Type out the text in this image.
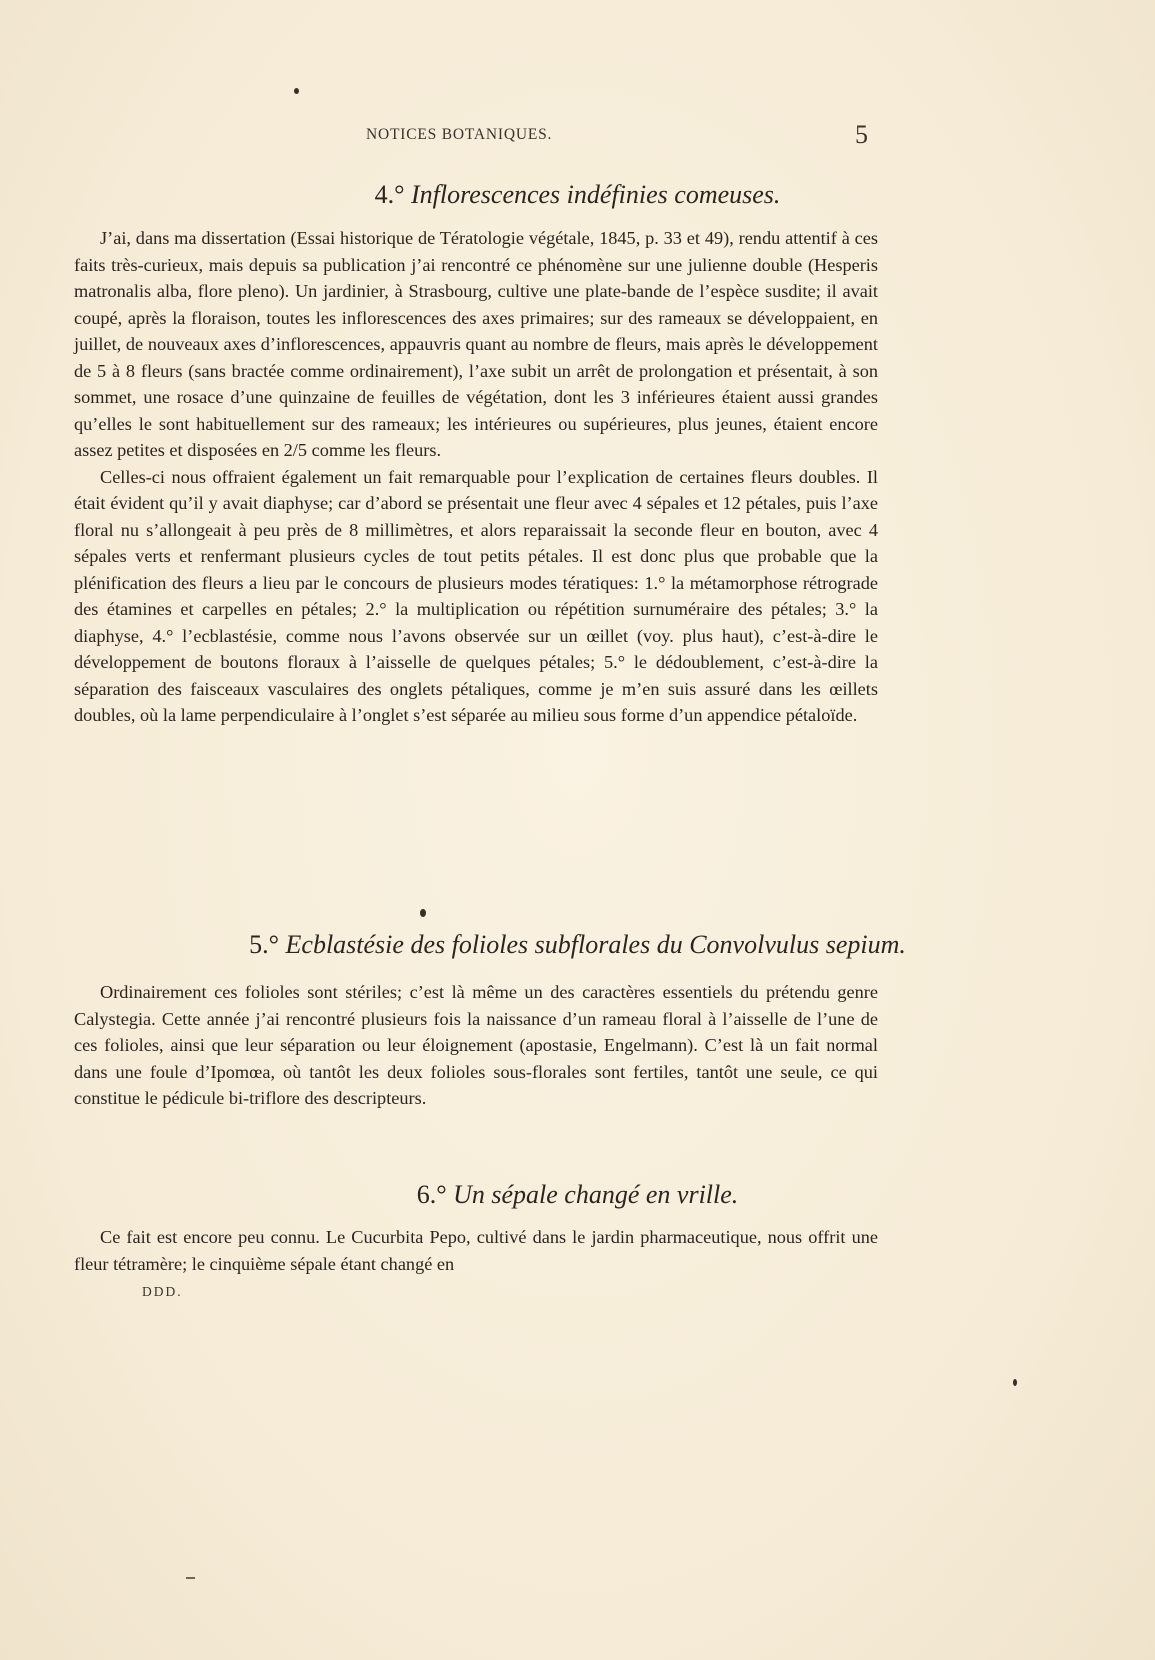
NOTICES BOTANIQUES.	5
4.° Inflorescences indéfinies comeuses.

J’ai, dans ma dissertation (Essai historique de Tératologie végétale, 1845, p. 33 et 49), rendu attentif à ces faits très-curieux, mais depuis sa publication j’ai rencontré ce phénomène sur une julienne double (Hesperis matronalis alba, flore pleno). Un jardinier, à Strasbourg, cultive une plate-bande de l’espèce susdite; il avait coupé, après la floraison, toutes les inflorescences des axes primaires; sur des rameaux se développaient, en juillet, de nouveaux axes d’inflorescences, appauvris quant au nombre de fleurs, mais après le développement de 5 à 8 fleurs (sans bractée comme ordinairement), l’axe subit un arrêt de prolongation et présentait, à son sommet, une rosace d’une quinzaine de feuilles de végétation, dont les 3 inférieures étaient aussi grandes qu’elles le sont habituellement sur des rameaux; les intérieures ou supérieures, plus jeunes, étaient encore assez petites et disposées en 2/5 comme les fleurs.

Celles-ci nous offraient également un fait remarquable pour l’explication de certaines fleurs doubles. Il était évident qu’il y avait diaphyse; car d’abord se présentait une fleur avec 4 sépales et 12 pétales, puis l’axe floral nu s’allongeait à peu près de 8 millimètres, et alors reparaissait la seconde fleur en bouton, avec 4 sépales verts et renfermant plusieurs cycles de tout petits pétales. Il est donc plus que probable que la plénification des fleurs a lieu par le concours de plusieurs modes tératiques: 1.° la métamorphose rétrograde des étamines et carpelles en pétales; 2.° la multiplication ou répétition surnuméraire des pétales; 3.° la diaphyse, 4.° l’ecblastésie, comme nous l’avons observée sur un œillet (voy. plus haut), c’est-à-dire le développement de boutons floraux à l’aisselle de quelques pétales; 5.° le dédoublement, c’est-à-dire la séparation des faisceaux vasculaires des onglets pétaliques, comme je m’en suis assuré dans les œillets doubles, où la lame perpendiculaire à l’onglet s’est séparée au milieu sous forme d’un appendice pétaloïde.

5.° Ecblastésie des folioles subflorales du Convolvulus sepium.

Ordinairement ces folioles sont stériles; c’est là même un des caractères essentiels du prétendu genre Calystegia. Cette année j’ai rencontré plusieurs fois la naissance d’un rameau floral à l’aisselle de l’une de ces folioles, ainsi que leur séparation ou leur éloignement (apostasie, Engelmann). C’est là un fait normal dans une foule d’Ipomœa, où tantôt les deux folioles sous-florales sont fertiles, tantôt une seule, ce qui constitue le pédicule bi-triflore des descripteurs.

6.° Un sépale changé en vrille.

Ce fait est encore peu connu. Le Cucurbita Pepo, cultivé dans le jardin pharmaceutique, nous offrit une fleur tétramère; le cinquième sépale étant changé en

DDD.
